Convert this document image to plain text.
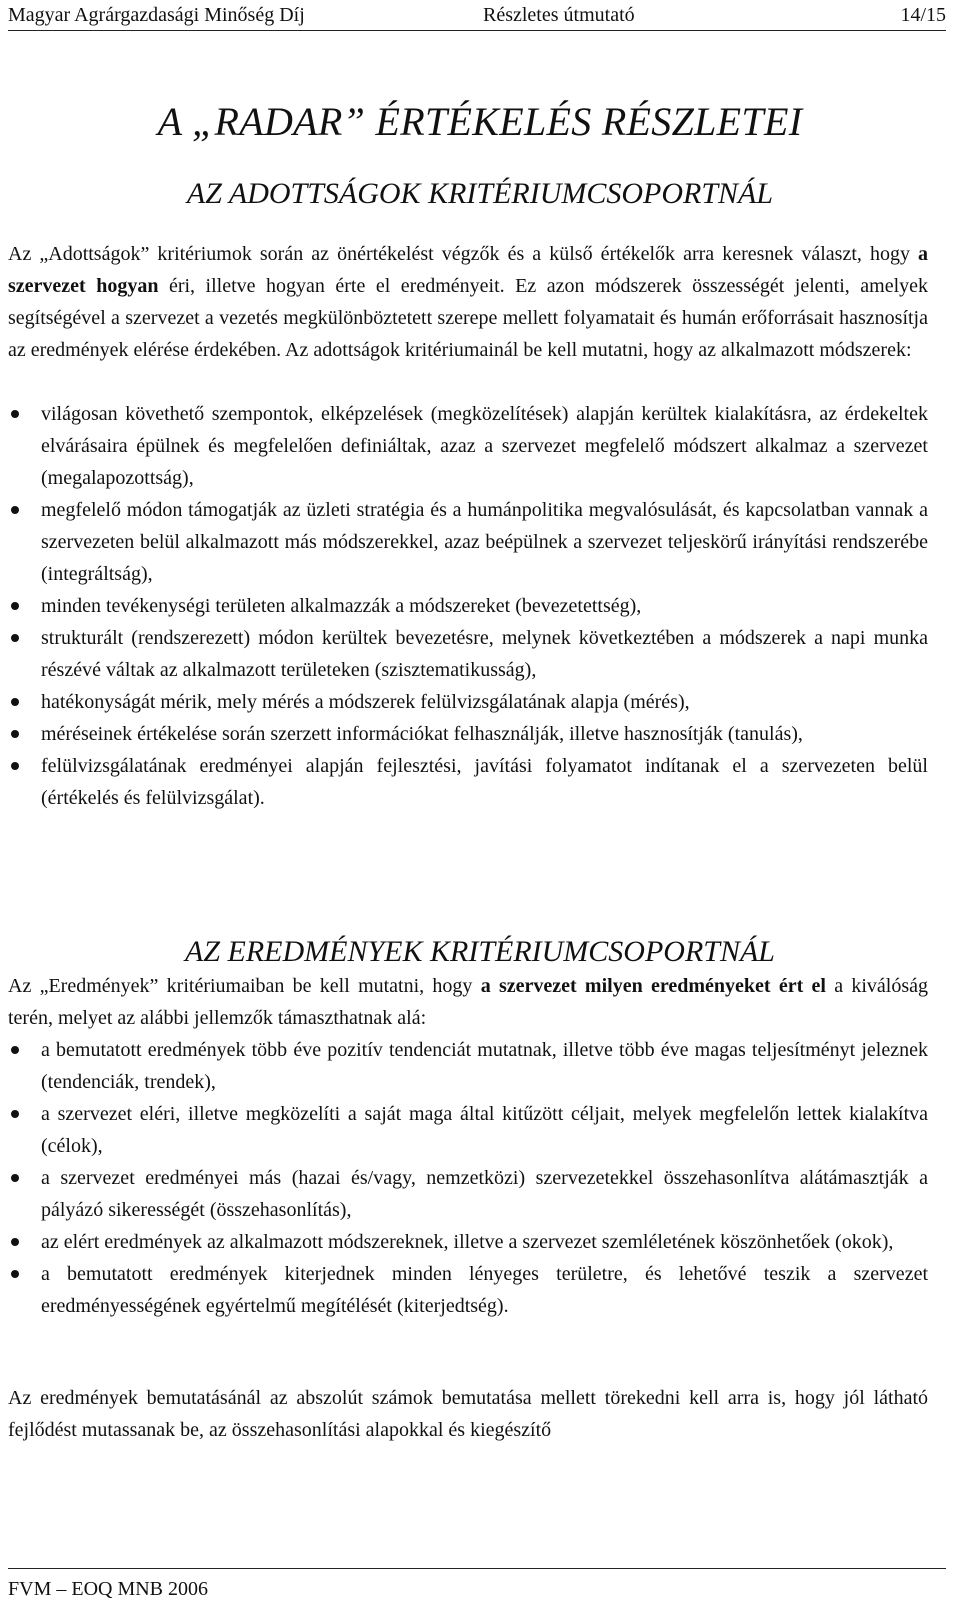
Magyar Agrárgazdasági Minőség Díj	Részletes útmutató	14/15
A „RADAR” ÉRTÉKELÉS RÉSZLETEI
AZ ADOTTSÁGOK KRITÉRIUMCSOPORTNÁL
Az „Adottságok” kritériumok során az önértékelést végzők és a külső értékelők arra keresnek választ, hogy a szervezet hogyan éri, illetve hogyan érte el eredményeit. Ez azon módszerek összességét jelenti, amelyek segítségével a szervezet a vezetés megkülönböztetett szerepe mellett folyamatait és humán erőforrásait hasznosítja az eredmények elérése érdekében. Az adottságok kritériumainál be kell mutatni, hogy az alkalmazott módszerek:
világosan követhető szempontok, elképzelések (megközelítések) alapján kerültek kialakításra, az érdekeltek elvárásaira épülnek és megfelelően definiáltak, azaz a szervezet megfelelő módszert alkalmaz a szervezet (megalapozottság),
megfelelő módon támogatják az üzleti stratégia és a humánpolitika megvalósulását, és kapcsolatban vannak a szervezeten belül alkalmazott más módszerekkel, azaz beépülnek a szervezet teljeskörű irányítási rendszerébe (integráltság),
minden tevékenységi területen alkalmazzák a módszereket (bevezetettség),
strukturált (rendszerezett) módon kerültek bevezetésre, melynek következtében a módszerek a napi munka részévé váltak az alkalmazott területeken (szisztematikusság),
hatékonyságát mérik, mely mérés a módszerek felülvizsgálatának alapja (mérés),
méréseinek értékelése során szerzett információkat felhasználják, illetve hasznosítják (tanulás),
felülvizsgálatának eredményei alapján fejlesztési, javítási folyamatot indítanak el a szervezeten belül (értékelés és felülvizsgálat).
AZ EREDMÉNYEK KRITÉRIUMCSOPORTNÁL
Az „Eredmények” kritériumaiban be kell mutatni, hogy a szervezet milyen eredményeket ért el a kiválóság terén, melyet az alábbi jellemzők támaszthatnak alá:
a bemutatott eredmények több éve pozitív tendenciát mutatnak, illetve több éve magas teljesítményt jeleznek (tendenciák, trendek),
a szervezet eléri, illetve megközelíti a saját maga által kitűzött céljait, melyek megfelelőn lettek kialakítva (célok),
a szervezet eredményei más (hazai és/vagy, nemzetközi) szervezetekkel összehasonlítva alátámasztják a pályázó sikerességét (összehasonlítás),
az elért eredmények az alkalmazott módszereknek, illetve a szervezet szemléletének köszönhetőek (okok),
a bemutatott eredmények kiterjednek minden lényeges területre, és lehetővé teszik a szervezet eredményességének egyértelmű megítélését (kiterjedtség).
Az eredmények bemutatásánál az abszolút számok bemutatása mellett törekedni kell arra is, hogy jól látható fejlődést mutassanak be, az összehasonlítási alapokkal és kiegészítő
FVM – EOQ MNB 2006
